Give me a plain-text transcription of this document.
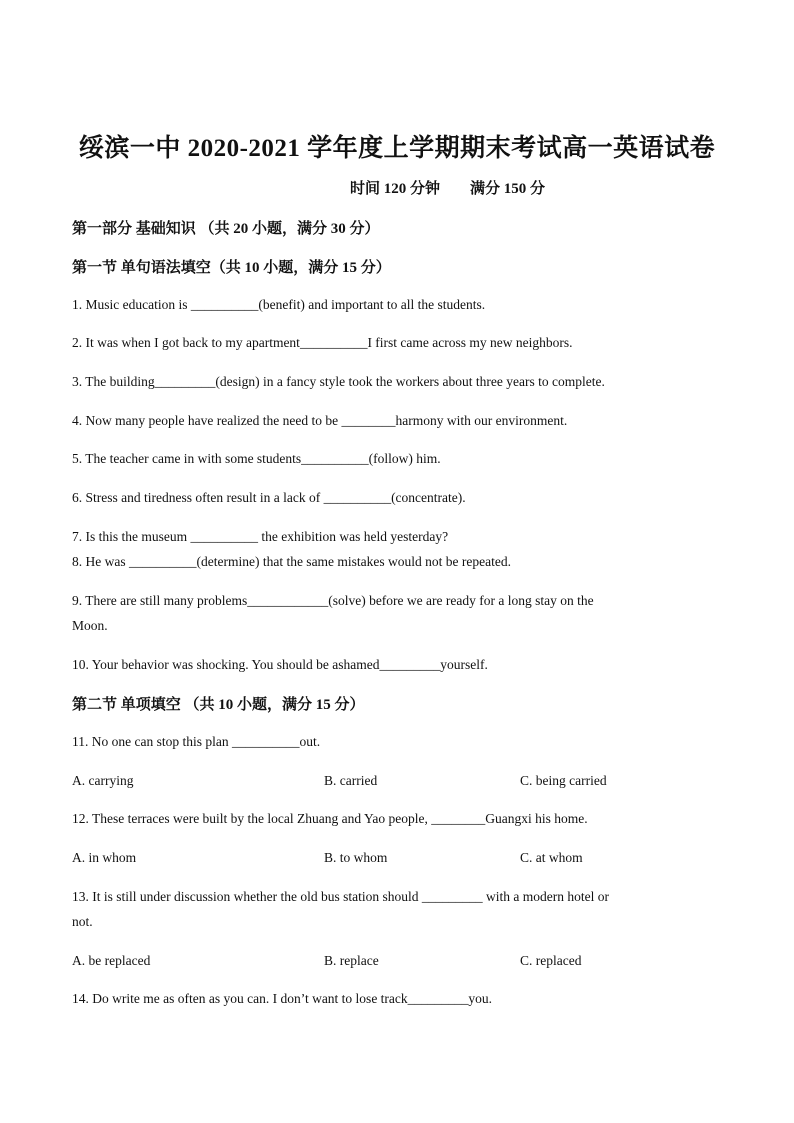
绥滨一中 2020-2021 学年度上学期期末考试高一英语试卷
时间 120 分钟　　满分 150 分
第一部分 基础知识 （共 20 小题，满分 30 分）
第一节 单句语法填空（共 10 小题，满分 15 分）
1. Music education is __________(benefit) and important to all the students.
2. It was when I got back to my apartment__________I first came across my new neighbors.
3. The building_________(design) in a fancy style took the workers about three years to complete.
4. Now many people have realized the need to be ________harmony with our environment.
5. The teacher came in with some students__________(follow) him.
6. Stress and tiredness often result in a lack of __________(concentrate).
7. Is this the museum __________ the exhibition was held yesterday?
8. He was __________(determine) that the same mistakes would not be repeated.
9. There are still many problems____________(solve) before we are ready for a long stay on the
Moon.
10. Your behavior was shocking. You should be ashamed_________yourself.
第二节 单项填空 （共 10 小题，满分 15 分）
11. No one can stop this plan __________out.
A. carrying	B. carried	C. being carried
12. These terraces were built by the local Zhuang and Yao people, ________Guangxi his home.
A. in whom	B. to whom	C. at whom
13. It is still under discussion whether the old bus station should _________ with a modern hotel or
not.
A. be replaced	B. replace	C. replaced
14. Do write me as often as you can. I don’t want to lose track_________you.
